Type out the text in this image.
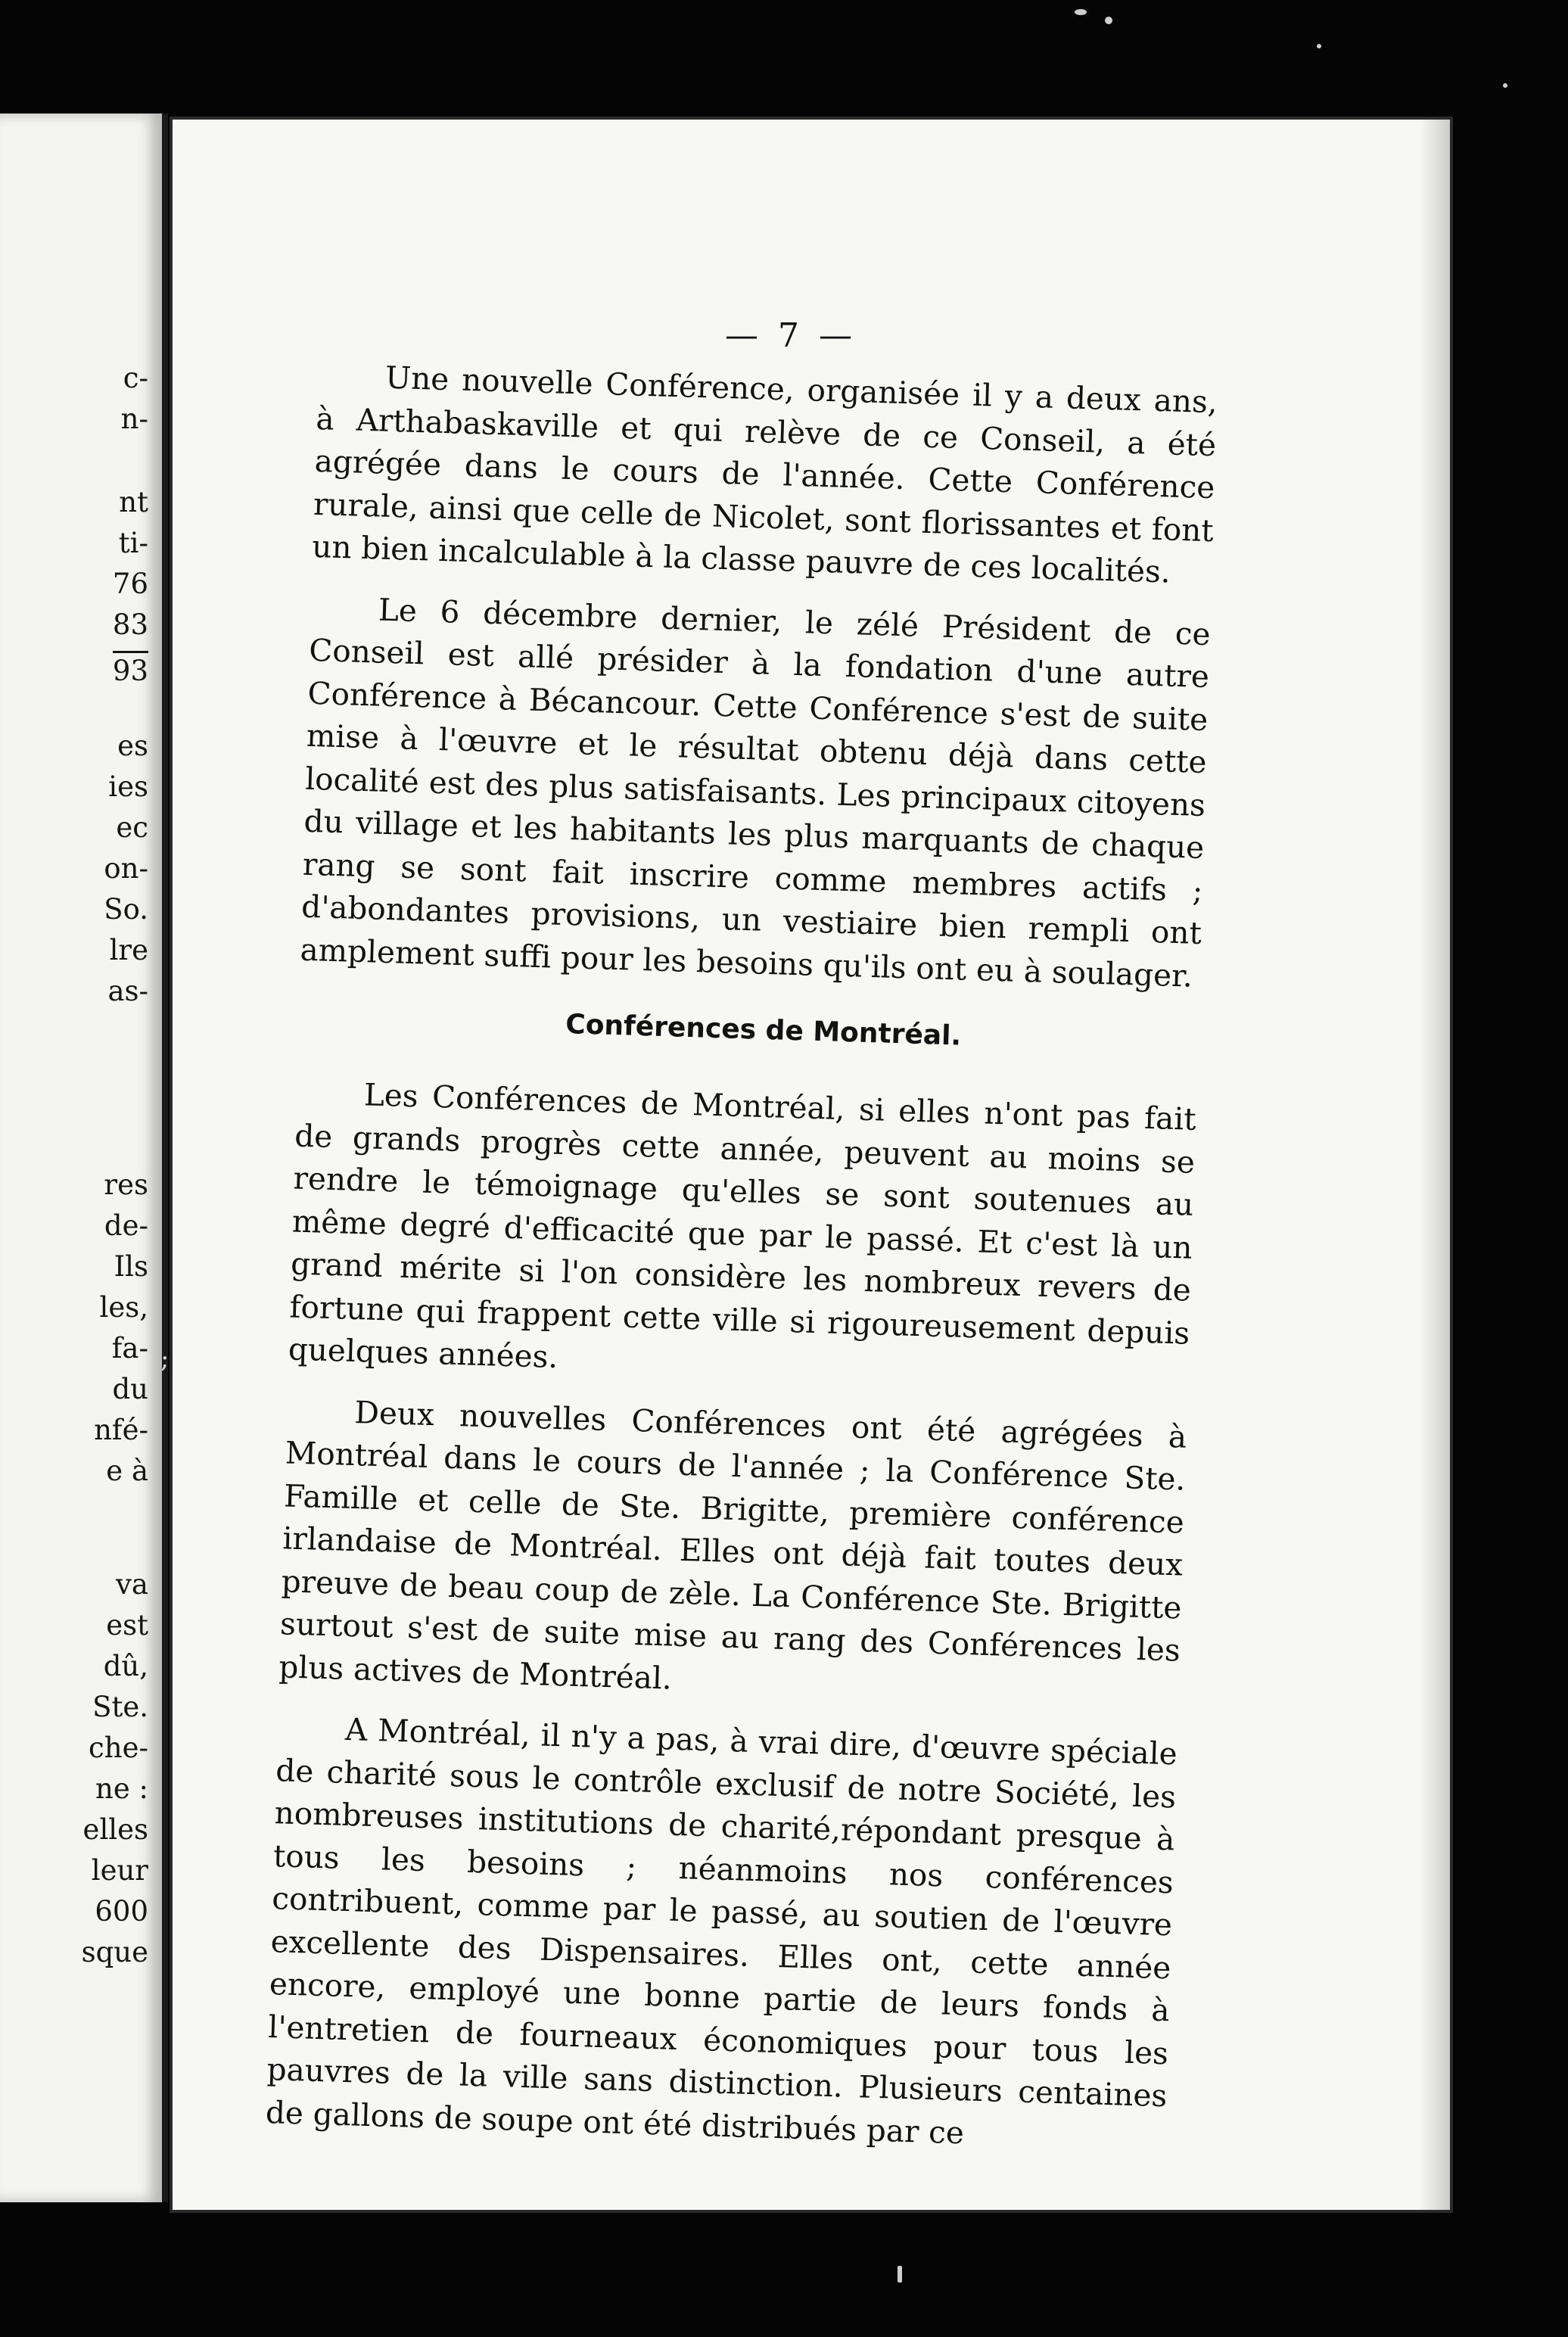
c-

n-

nt

ti-

76

83

93

es

ies

ec

on-

So.

lre

as-

res

de-

Ils

les,

fa-

du

nfé-

e à

va

est

dû,

Ste.

che-

ne :

elles

leur

600

sque

;

— 7 —

Une nouvelle Conférence, organisée il y a deux ans, à Arthabaskaville et qui relève de ce Conseil, a été agrégée dans le cours de l'année. Cette Conférence rurale, ainsi que celle de Nicolet, sont florissantes et font un bien incalculable à la classe pauvre de ces localités.

Le 6 décembre dernier, le zélé Président de ce Conseil est allé présider à la fondation d'une autre Conférence à Bécancour. Cette Conférence s'est de suite mise à l'œuvre et le résultat obtenu déjà dans cette localité est des plus satisfaisants. Les principaux citoyens du village et les habitants les plus marquants de chaque rang se sont fait inscrire comme membres actifs ; d'abondantes provisions, un vestiaire bien rempli ont amplement suffi pour les besoins qu'ils ont eu à soulager.

Conférences de Montréal.

Les Conférences de Montréal, si elles n'ont pas fait de grands progrès cette année, peuvent au moins se rendre le témoignage qu'elles se sont soutenues au même degré d'efficacité que par le passé. Et c'est là un grand mérite si l'on considère les nombreux revers de fortune qui frappent cette ville si rigoureusement depuis quelques années.

Deux nouvelles Conférences ont été agrégées à Montréal dans le cours de l'année ; la Conférence Ste. Famille et celle de Ste. Brigitte, première conférence irlandaise de Montréal. Elles ont déjà fait toutes deux preuve de beau coup de zèle. La Conférence Ste. Brigitte surtout s'est de suite mise au rang des Conférences les plus actives de Montréal.

A Montréal, il n'y a pas, à vrai dire, d'œuvre spéciale de charité sous le contrôle exclusif de notre Société, les nombreuses institutions de charité,répondant presque à tous les besoins ; néanmoins nos conférences contribuent, comme par le passé, au soutien de l'œuvre excellente des Dispensaires. Elles ont, cette année encore, employé une bonne partie de leurs fonds à l'entretien de fourneaux économiques pour tous les pauvres de la ville sans distinction. Plusieurs centaines de gallons de soupe ont été distribués par ce
